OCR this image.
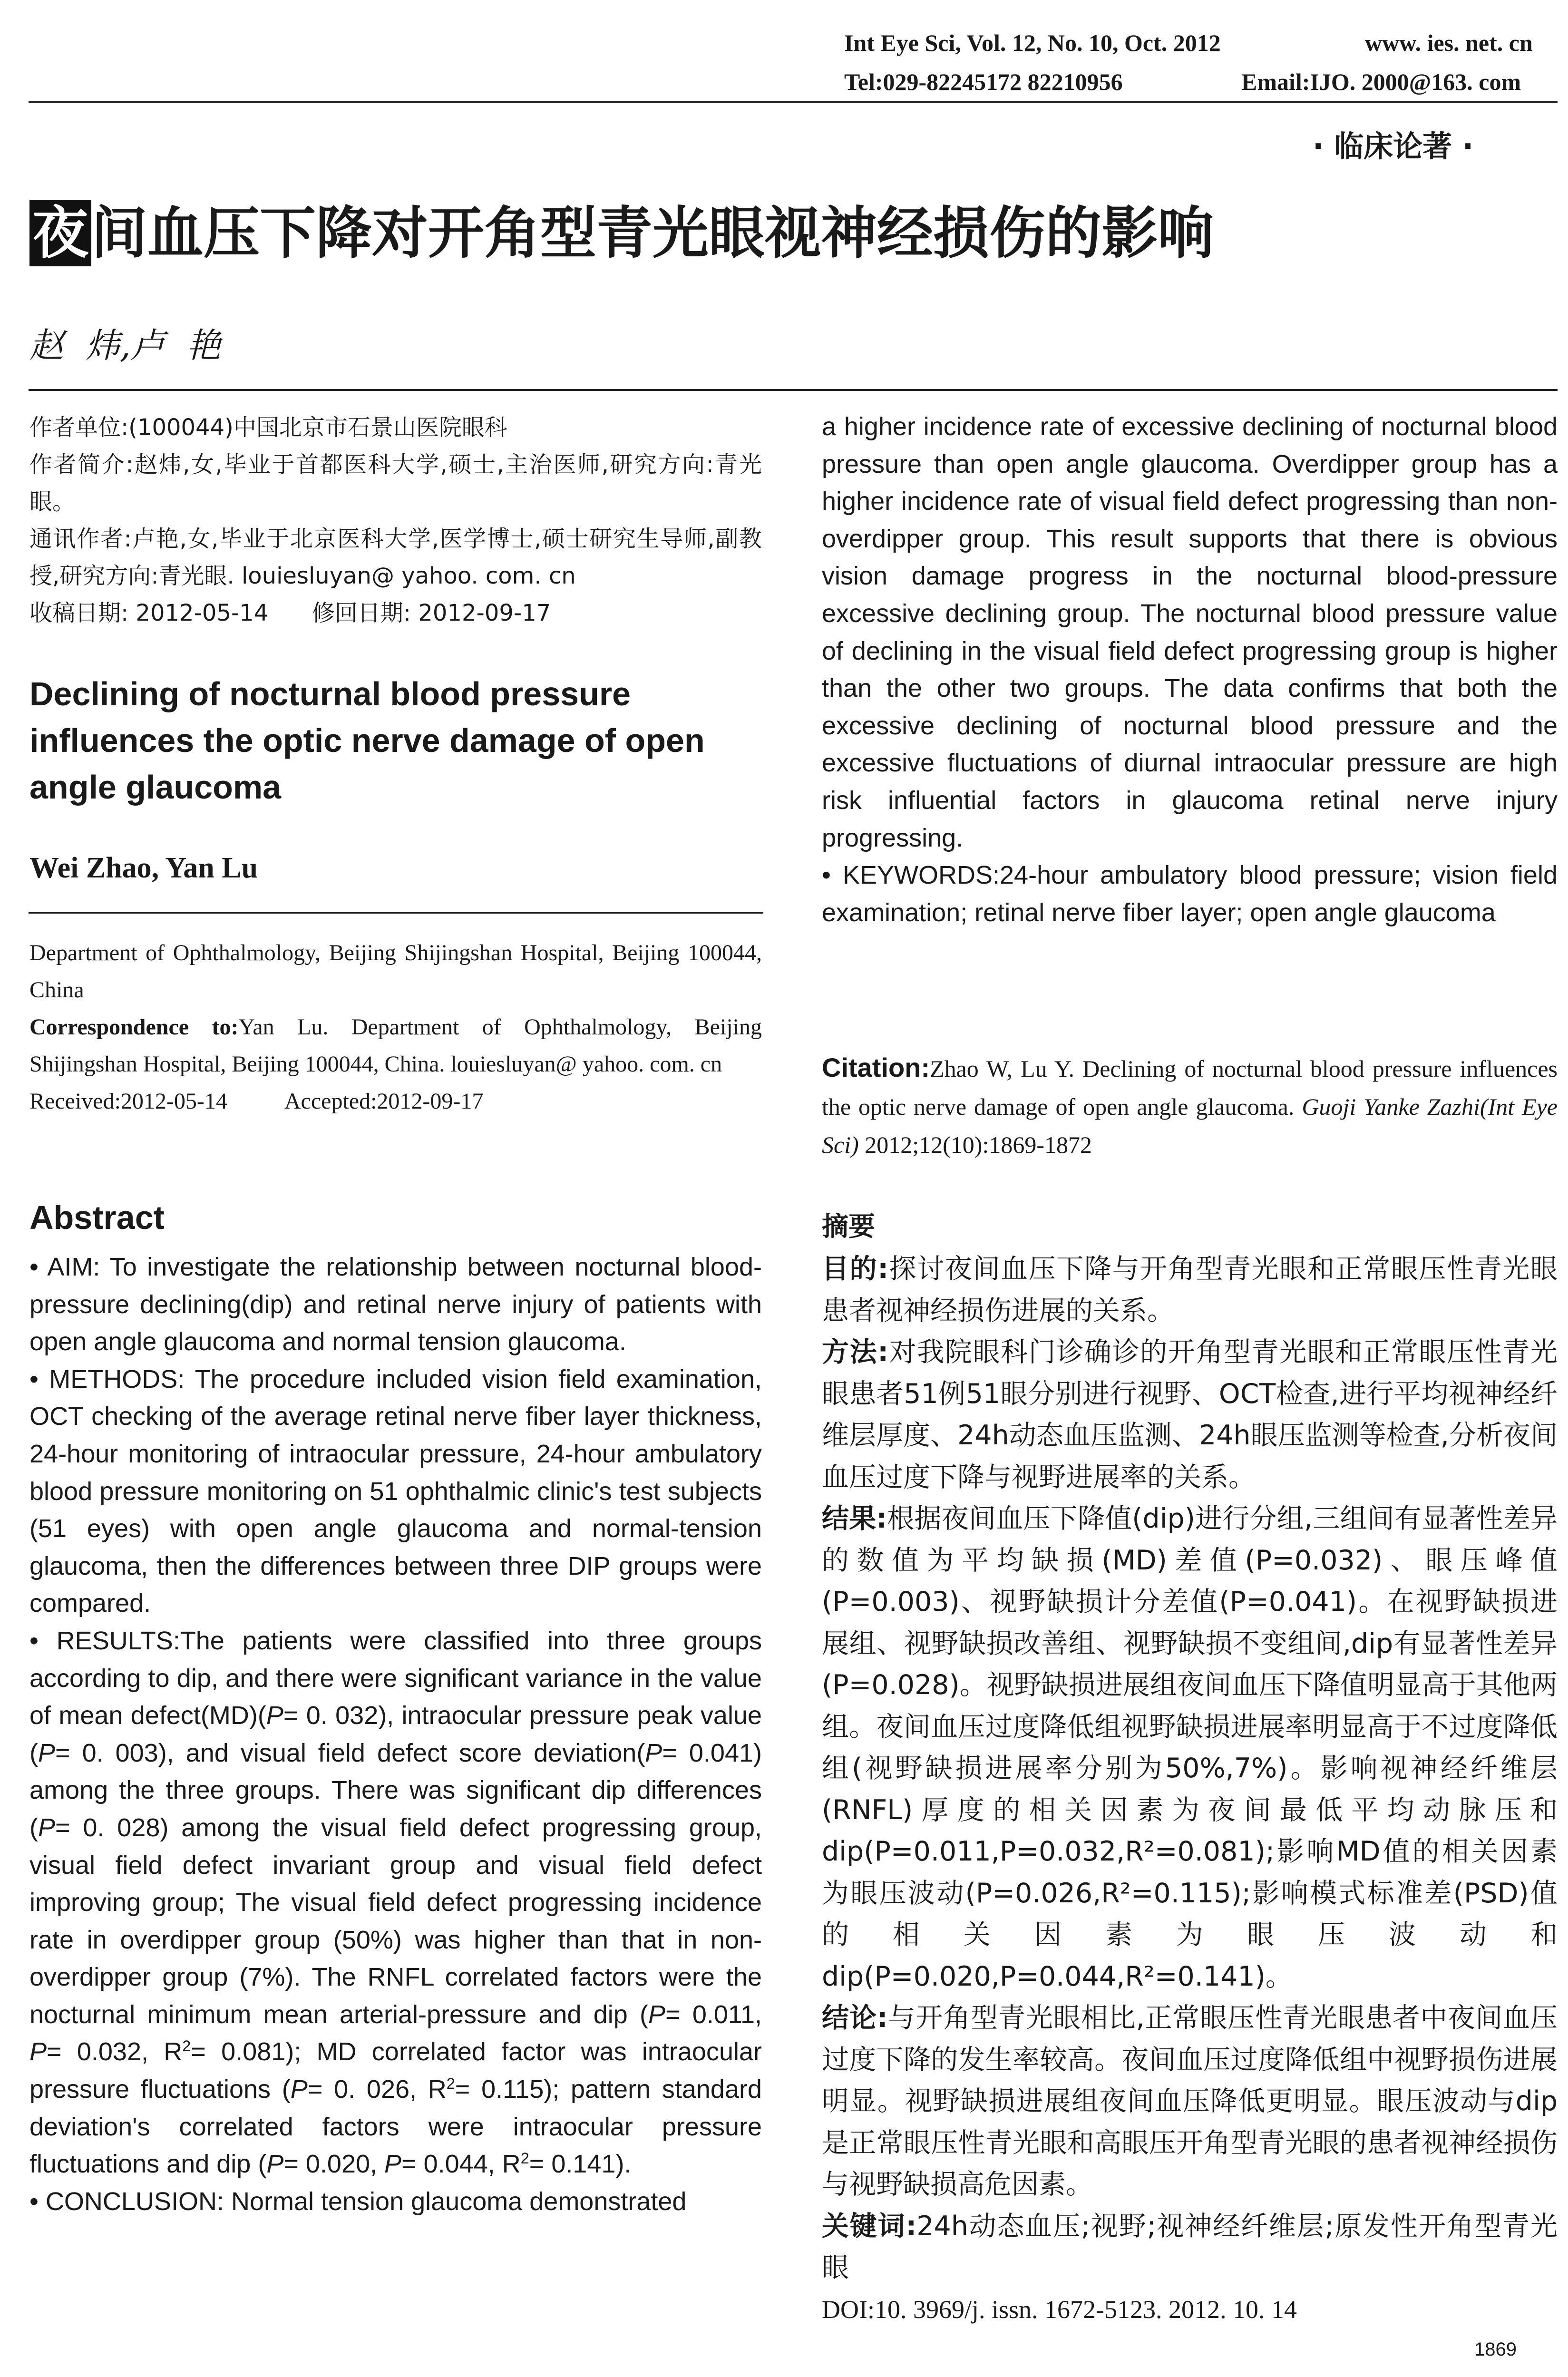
Int Eye Sci, Vol. 12, No. 10, Oct. 2012	www. ies. net. cn
Tel:029-82245172 82210956	Email:IJO. 2000@163. com
· 临床论著 ·
夜间血压下降对开角型青光眼视神经损伤的影响
赵  炜,卢  艳

作者单位:(100044)中国北京市石景山医院眼科

作者简介:赵炜,女,毕业于首都医科大学,硕士,主治医师,研究方向:青光眼。

通讯作者:卢艳,女,毕业于北京医科大学,医学博士,硕士研究生导师,副教授,研究方向:青光眼. louiesluyan@ yahoo. com. cn

收稿日期: 2012-05-14      修回日期: 2012-09-17

Declining of nocturnal blood pressure influences the optic nerve damage of open angle glaucoma
Wei Zhao, Yan Lu

Department of Ophthalmology, Beijing Shijingshan Hospital, Beijing 100044, China

Correspondence to:Yan Lu. Department of Ophthalmology, Beijing Shijingshan Hospital, Beijing 100044, China. louiesluyan@ yahoo. com. cn

Received:2012-05-14	Accepted:2012-09-17

Abstract

• AIM: To investigate the relationship between nocturnal blood-pressure declining(dip) and retinal nerve injury of patients with open angle glaucoma and normal tension glaucoma.

• METHODS: The procedure included vision field examination, OCT checking of the average retinal nerve fiber layer thickness, 24-hour monitoring of intraocular pressure, 24-hour ambulatory blood pressure monitoring on 51 ophthalmic clinic's test subjects (51 eyes) with open angle glaucoma and normal-tension glaucoma, then the differences between three DIP groups were compared.

• RESULTS:The patients were classified into three groups according to dip, and there were significant variance in the value of mean defect(MD)(P= 0. 032), intraocular pressure peak value (P= 0. 003), and visual field defect score deviation(P= 0.041) among the three groups. There was significant dip differences (P= 0. 028) among the visual field defect progressing group, visual field defect invariant group and visual field defect improving group; The visual field defect progressing incidence rate in overdipper group (50%) was higher than that in non-overdipper group (7%). The RNFL correlated factors were the nocturnal minimum mean arterial-pressure and dip (P= 0.011, P= 0.032, $R^2= 0.081$); MD correlated factor was intraocular pressure fluctuations (P= 0. 026, $R^2= 0.115$); pattern standard deviation's correlated factors were intraocular pressure fluctuations and dip (P= 0.020, P= 0.044, $R^2= 0.141$).

• CONCLUSION: Normal tension glaucoma demonstrated

a higher incidence rate of excessive declining of nocturnal blood pressure than open angle glaucoma. Overdipper group has a higher incidence rate of visual field defect progressing than non-overdipper group. This result supports that there is obvious vision damage progress in the nocturnal blood-pressure excessive declining group. The nocturnal blood pressure value of declining in the visual field defect progressing group is higher than the other two groups. The data confirms that both the excessive declining of nocturnal blood pressure and the excessive fluctuations of diurnal intraocular pressure are high risk influential factors in glaucoma retinal nerve injury progressing.

• KEYWORDS:24-hour ambulatory blood pressure; vision field examination; retinal nerve fiber layer; open angle glaucoma

Citation:Zhao W, Lu Y. Declining of nocturnal blood pressure influences the optic nerve damage of open angle glaucoma. Guoji Yanke Zazhi(Int Eye Sci) 2012;12(10):1869-1872
摘要

目的:探讨夜间血压下降与开角型青光眼和正常眼压性青光眼患者视神经损伤进展的关系。

方法:对我院眼科门诊确诊的开角型青光眼和正常眼压性青光眼患者51例51眼分别进行视野、OCT检查,进行平均视神经纤维层厚度、24h动态血压监测、24h眼压监测等检查,分析夜间血压过度下降与视野进展率的关系。

结果:根据夜间血压下降值(dip)进行分组,三组间有显著性差异的数值为平均缺损(MD)差值(P=0.032)、眼压峰值(P=0.003)、视野缺损计分差值(P=0.041)。在视野缺损进展组、视野缺损改善组、视野缺损不变组间,dip有显著性差异(P=0.028)。视野缺损进展组夜间血压下降值明显高于其他两组。夜间血压过度降低组视野缺损进展率明显高于不过度降低组(视野缺损进展率分别为50%,7%)。影响视神经纤维层(RNFL)厚度的相关因素为夜间最低平均动脉压和dip(P=0.011,P=0.032,R²=0.081);影响MD值的相关因素为眼压波动(P=0.026,R²=0.115);影响模式标准差(PSD)值的相关因素为眼压波动和dip(P=0.020,P=0.044,R²=0.141)。

结论:与开角型青光眼相比,正常眼压性青光眼患者中夜间血压过度下降的发生率较高。夜间血压过度降低组中视野损伤进展明显。视野缺损进展组夜间血压降低更明显。眼压波动与dip是正常眼压性青光眼和高眼压开角型青光眼的患者视神经损伤与视野缺损高危因素。

关键词:24h动态血压;视野;视神经纤维层;原发性开角型青光眼

DOI:10. 3969/j. issn. 1672-5123. 2012. 10. 14
1869
